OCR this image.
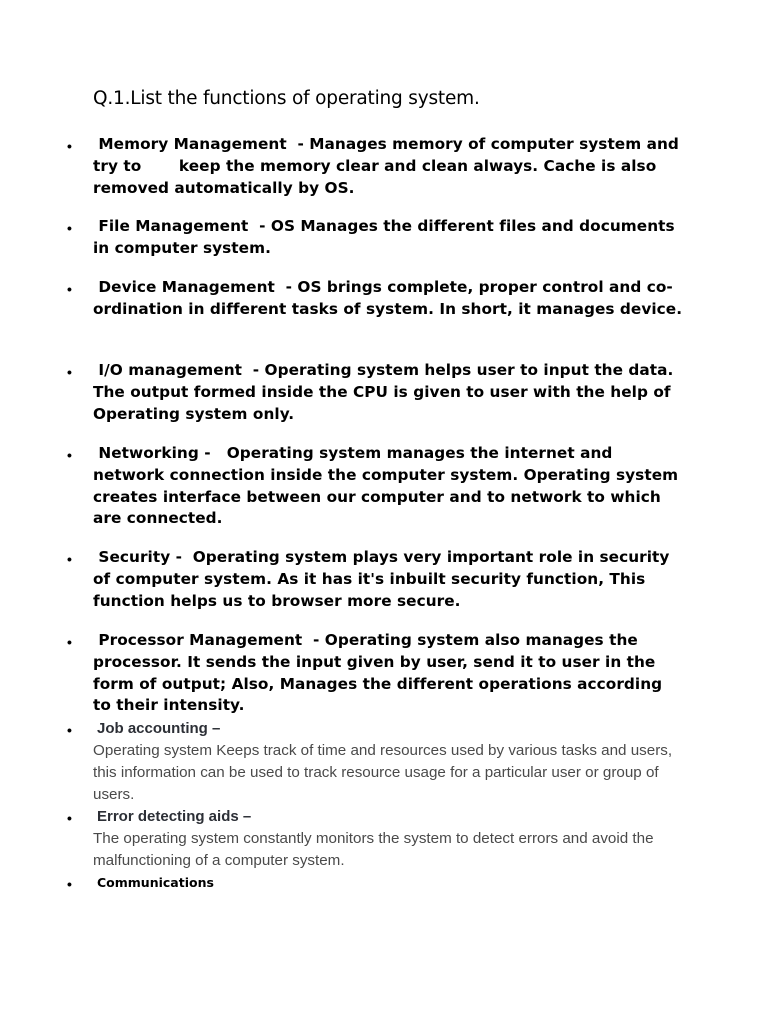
Q.1.List the functions of operating system.
• Memory Management  - Manages memory of computer system and try to       keep the memory clear and clean always. Cache is also removed automatically by OS.

• File Management  - OS Manages the different files and documents in computer system.

• Device Management  - OS brings complete, proper control and co-ordination in different tasks of system. In short, it manages device.

• I/O management  - Operating system helps user to input the data. The output formed inside the CPU is given to user with the help of Operating system only.

• Networking -   Operating system manages the internet and network connection inside the computer system. Operating system creates interface between our computer and to network to which are connected.

• Security -  Operating system plays very important role in security of computer system. As it has it's inbuilt security function, This function helps us to browser more secure.

• Processor Management  - Operating system also manages the processor. It sends the input given by user, send it to user in the form of output; Also, Manages the different operations according to their intensity.

• Job accounting –

Operating system Keeps track of time and resources used by various tasks and users, this information can be used to track resource usage for a particular user or group of users.

• Error detecting aids –

The operating system constantly monitors the system to detect errors and avoid the malfunctioning of a computer system.

• Communications
